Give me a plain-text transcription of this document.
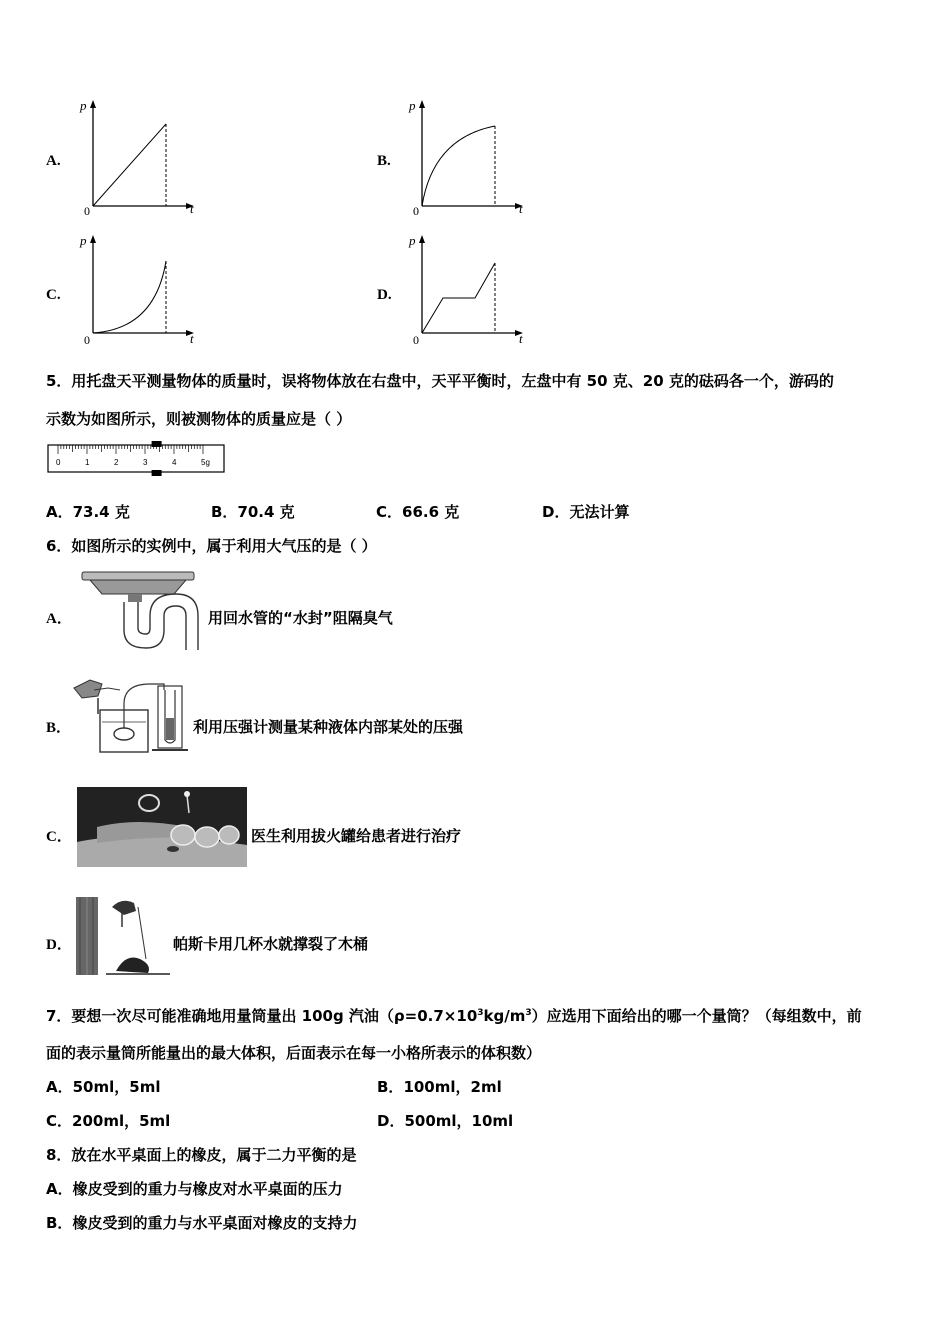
A.
p
t
0
B.
p
t
0
C.
p
t
0
D.
p
t
0
5．用托盘天平测量物体的质量时，误将物体放在右盘中，天平平衡时，左盘中有 50 克、20 克的砝码各一个，游码的
示数为如图所示，则被测物体的质量应是（ ）
0	1	2	3	4	5g
A．73.4 克	B．70.4 克	C．66.6 克	D．无法计算
6．如图所示的实例中，属于利用大气压的是（ ）
A．	用回水管的“水封”阻隔臭气
B．	利用压强计测量某种液体内部某处的压强
C．	医生利用拔火罐给患者进行治疗
D．	帕斯卡用几杯水就撑裂了木桶
7．要想一次尽可能准确地用量筒量出 100g 汽油$(\rho=0.7\times 10^3kg/m^3)$应选用下面给出的哪一个量筒？（每组数中，前
面的表示量筒所能量出的最大体积，后面表示在每一小格所表示的体积数）
A．50ml，5ml	B．100ml，2ml
C．200ml，5ml	D．500ml，10ml
8．放在水平桌面上的橡皮，属于二力平衡的是
A．橡皮受到的重力与橡皮对水平桌面的压力
B．橡皮受到的重力与水平桌面对橡皮的支持力
